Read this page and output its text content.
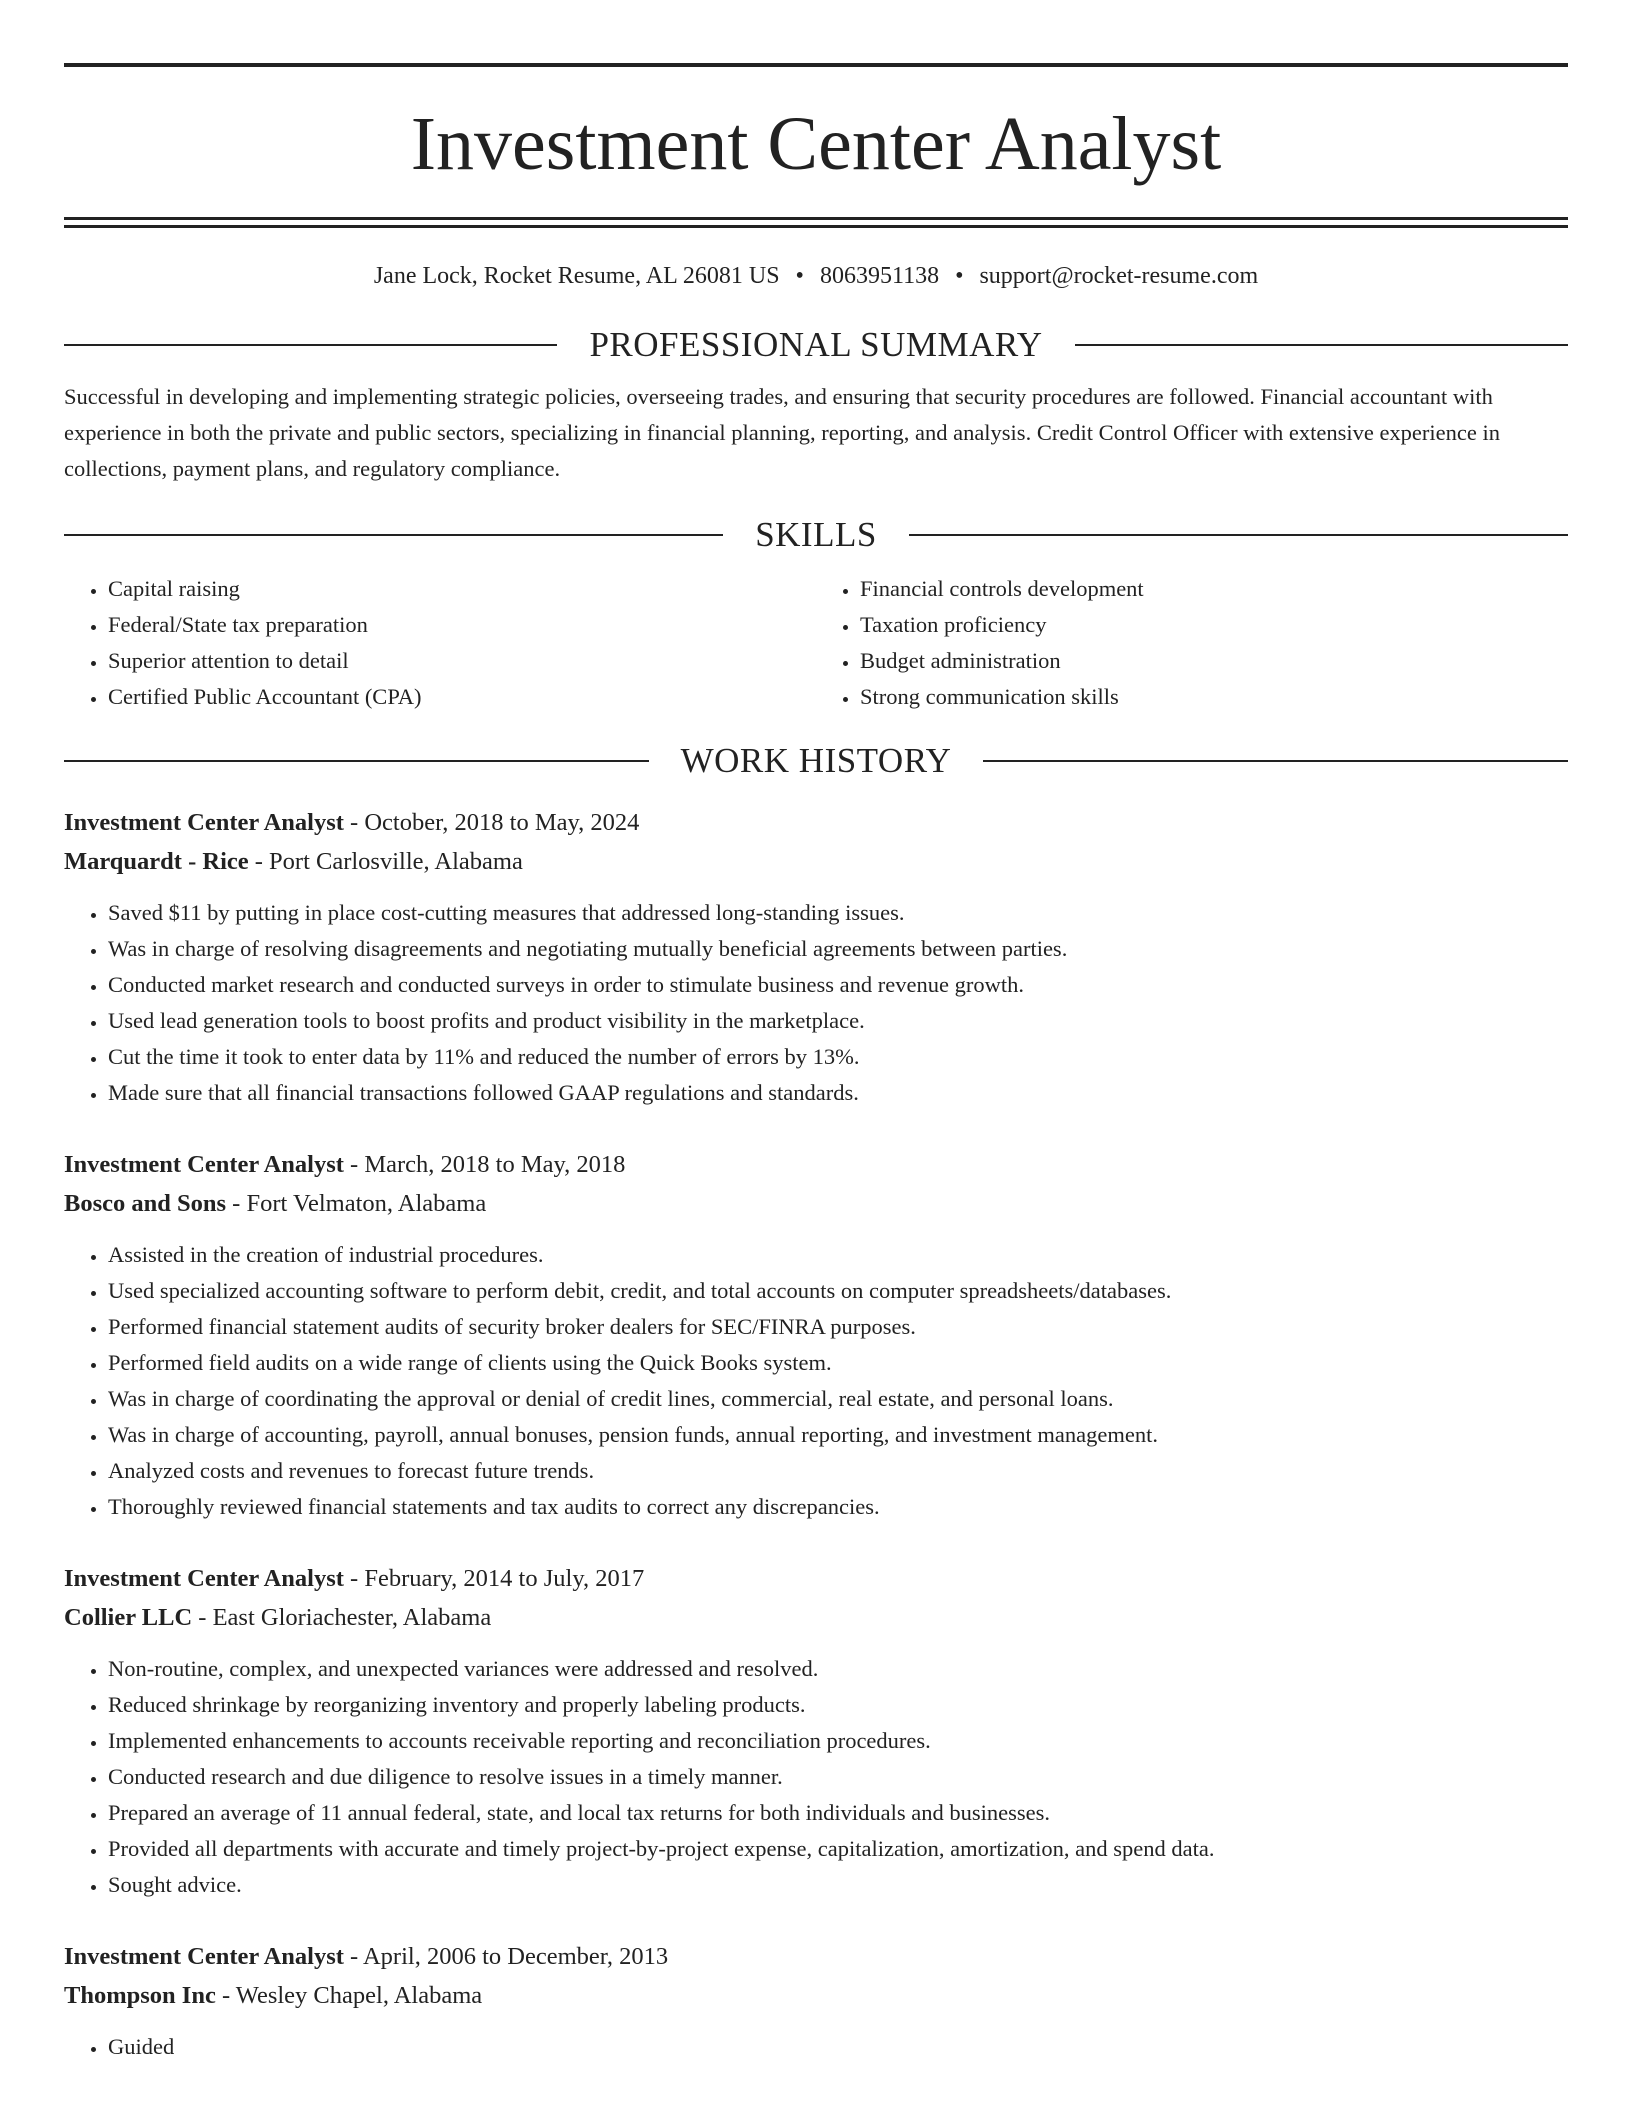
Investment Center Analyst
Jane Lock, Rocket Resume, AL 26081 US • 8063951138 • support@rocket-resume.com
PROFESSIONAL SUMMARY
Successful in developing and implementing strategic policies, overseeing trades, and ensuring that security procedures are followed. Financial accountant with experience in both the private and public sectors, specializing in financial planning, reporting, and analysis. Credit Control Officer with extensive experience in collections, payment plans, and regulatory compliance.
SKILLS
• Capital raising
• Federal/State tax preparation
• Superior attention to detail
• Certified Public Accountant (CPA)
• Financial controls development
• Taxation proficiency
• Budget administration
• Strong communication skills
WORK HISTORY
Investment Center Analyst - October, 2018 to May, 2024
Marquardt - Rice - Port Carlosville, Alabama
• Saved $11 by putting in place cost-cutting measures that addressed long-standing issues.
• Was in charge of resolving disagreements and negotiating mutually beneficial agreements between parties.
• Conducted market research and conducted surveys in order to stimulate business and revenue growth.
• Used lead generation tools to boost profits and product visibility in the marketplace.
• Cut the time it took to enter data by 11% and reduced the number of errors by 13%.
• Made sure that all financial transactions followed GAAP regulations and standards.
Investment Center Analyst - March, 2018 to May, 2018
Bosco and Sons - Fort Velmaton, Alabama
• Assisted in the creation of industrial procedures.
• Used specialized accounting software to perform debit, credit, and total accounts on computer spreadsheets/databases.
• Performed financial statement audits of security broker dealers for SEC/FINRA purposes.
• Performed field audits on a wide range of clients using the Quick Books system.
• Was in charge of coordinating the approval or denial of credit lines, commercial, real estate, and personal loans.
• Was in charge of accounting, payroll, annual bonuses, pension funds, annual reporting, and investment management.
• Analyzed costs and revenues to forecast future trends.
• Thoroughly reviewed financial statements and tax audits to correct any discrepancies.
Investment Center Analyst - February, 2014 to July, 2017
Collier LLC - East Gloriachester, Alabama
• Non-routine, complex, and unexpected variances were addressed and resolved.
• Reduced shrinkage by reorganizing inventory and properly labeling products.
• Implemented enhancements to accounts receivable reporting and reconciliation procedures.
• Conducted research and due diligence to resolve issues in a timely manner.
• Prepared an average of 11 annual federal, state, and local tax returns for both individuals and businesses.
• Provided all departments with accurate and timely project-by-project expense, capitalization, amortization, and spend data.
• Sought advice.
Investment Center Analyst - April, 2006 to December, 2013
Thompson Inc - Wesley Chapel, Alabama
• Guided
